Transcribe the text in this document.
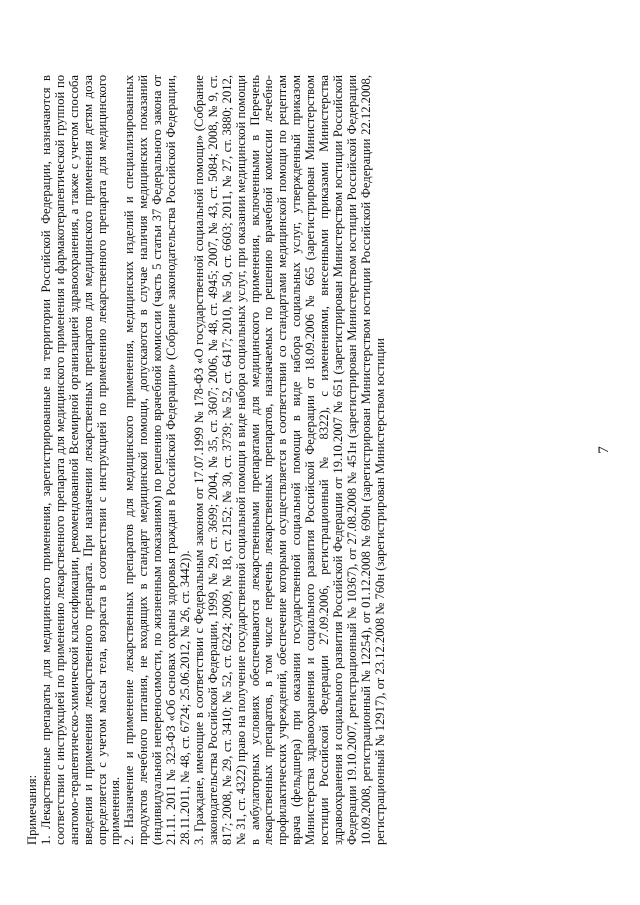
Примечания: 1. Лекарственные препараты для медицинского применения, зарегистрированные на территории Российской Федерации, назначаются в соответствии с инструкцией по применению лекарственного препарата для медицинского применения и фармакотерапевтической группой по анатомо-терапевтическо-химической классификации, рекомендованной Всемирной организацией здравоохранения, а также с учетом способа введения и применения лекарственного препарата. При назначении лекарственных препаратов для медицинского применения детям доза определяется с учетом массы тела, возраста в соответствии с инструкцией по применению лекарственного препарата для медицинского применения. 2. Назначение и применение лекарственных препаратов для медицинского применения, медицинских изделий и специализированных продуктов лечебного питания, не входящих в стандарт медицинской помощи, допускаются в случае наличия медицинских показаний (индивидуальной непереносимости, по жизненным показаниям) по решению врачебной комиссии (часть 5 статьи 37 Федерального закона от 21.11. 2011 № 323-ФЗ «Об основах охраны здоровья граждан в Российской Федерации» (Собрание законодательства Российской Федерации, 28.11.2011, № 48, ст. 6724; 25.06.2012, № 26, ст. 3442)). 3. Граждане, имеющие в соответствии с Федеральным законом от 17.07.1999 № 178-ФЗ «О государственной социальной помощи» (Собрание законодательства Российской Федерации, 1999, № 29, ст. 3699; 2004, № 35, ст. 3607; 2006, № 48, ст. 4945; 2007, № 43, ст. 5084; 2008, № 9, ст. 817; 2008, № 29, ст. 3410; № 52, ст. 6224; 2009, № 18, ст. 2152; № 30, ст. 3739; № 52, ст. 6417; 2010, № 50, ст. 6603; 2011, № 27, ст. 3880; 2012, № 31, ст. 4322) право на получение государственной социальной помощи в виде набора социальных услуг, при оказании медицинской помощи в амбулаторных условиях обеспечиваются лекарственными препаратами для медицинского применения, включенными в Перечень лекарственных препаратов, в том числе перечень лекарственных препаратов, назначаемых по решению врачебной комиссии лечебно-профилактических учреждений, обеспечение которыми осуществляется в соответствии со стандартами медицинской помощи по рецептам врача (фельдшера) при оказании государственной социальной помощи в виде набора социальных услуг, утвержденный приказом Министерства здравоохранения и социального развития Российской Федерации от 18.09.2006 № 665 (зарегистрирован Министерством юстиции Российской Федерации 27.09.2006, регистрационный № 8322), с изменениями, внесенными приказами Министерства здравоохранения и социального развития Российской Федерации от 19.10.2007 № 651 (зарегистрирован Министерством юстиции Российской Федерации 19.10.2007, регистрационный № 10367), от 27.08.2008 № 451н (зарегистрирован Министерством юстиции Российской Федерации 10.09.2008, регистрационный № 12254), от 01.12.2008 № 690н (зарегистрирован Министерством юстиции Российской Федерации 22.12.2008, регистрационный № 12917), от 23.12.2008 № 760н (зарегистрирован Министерством юстиции	7
